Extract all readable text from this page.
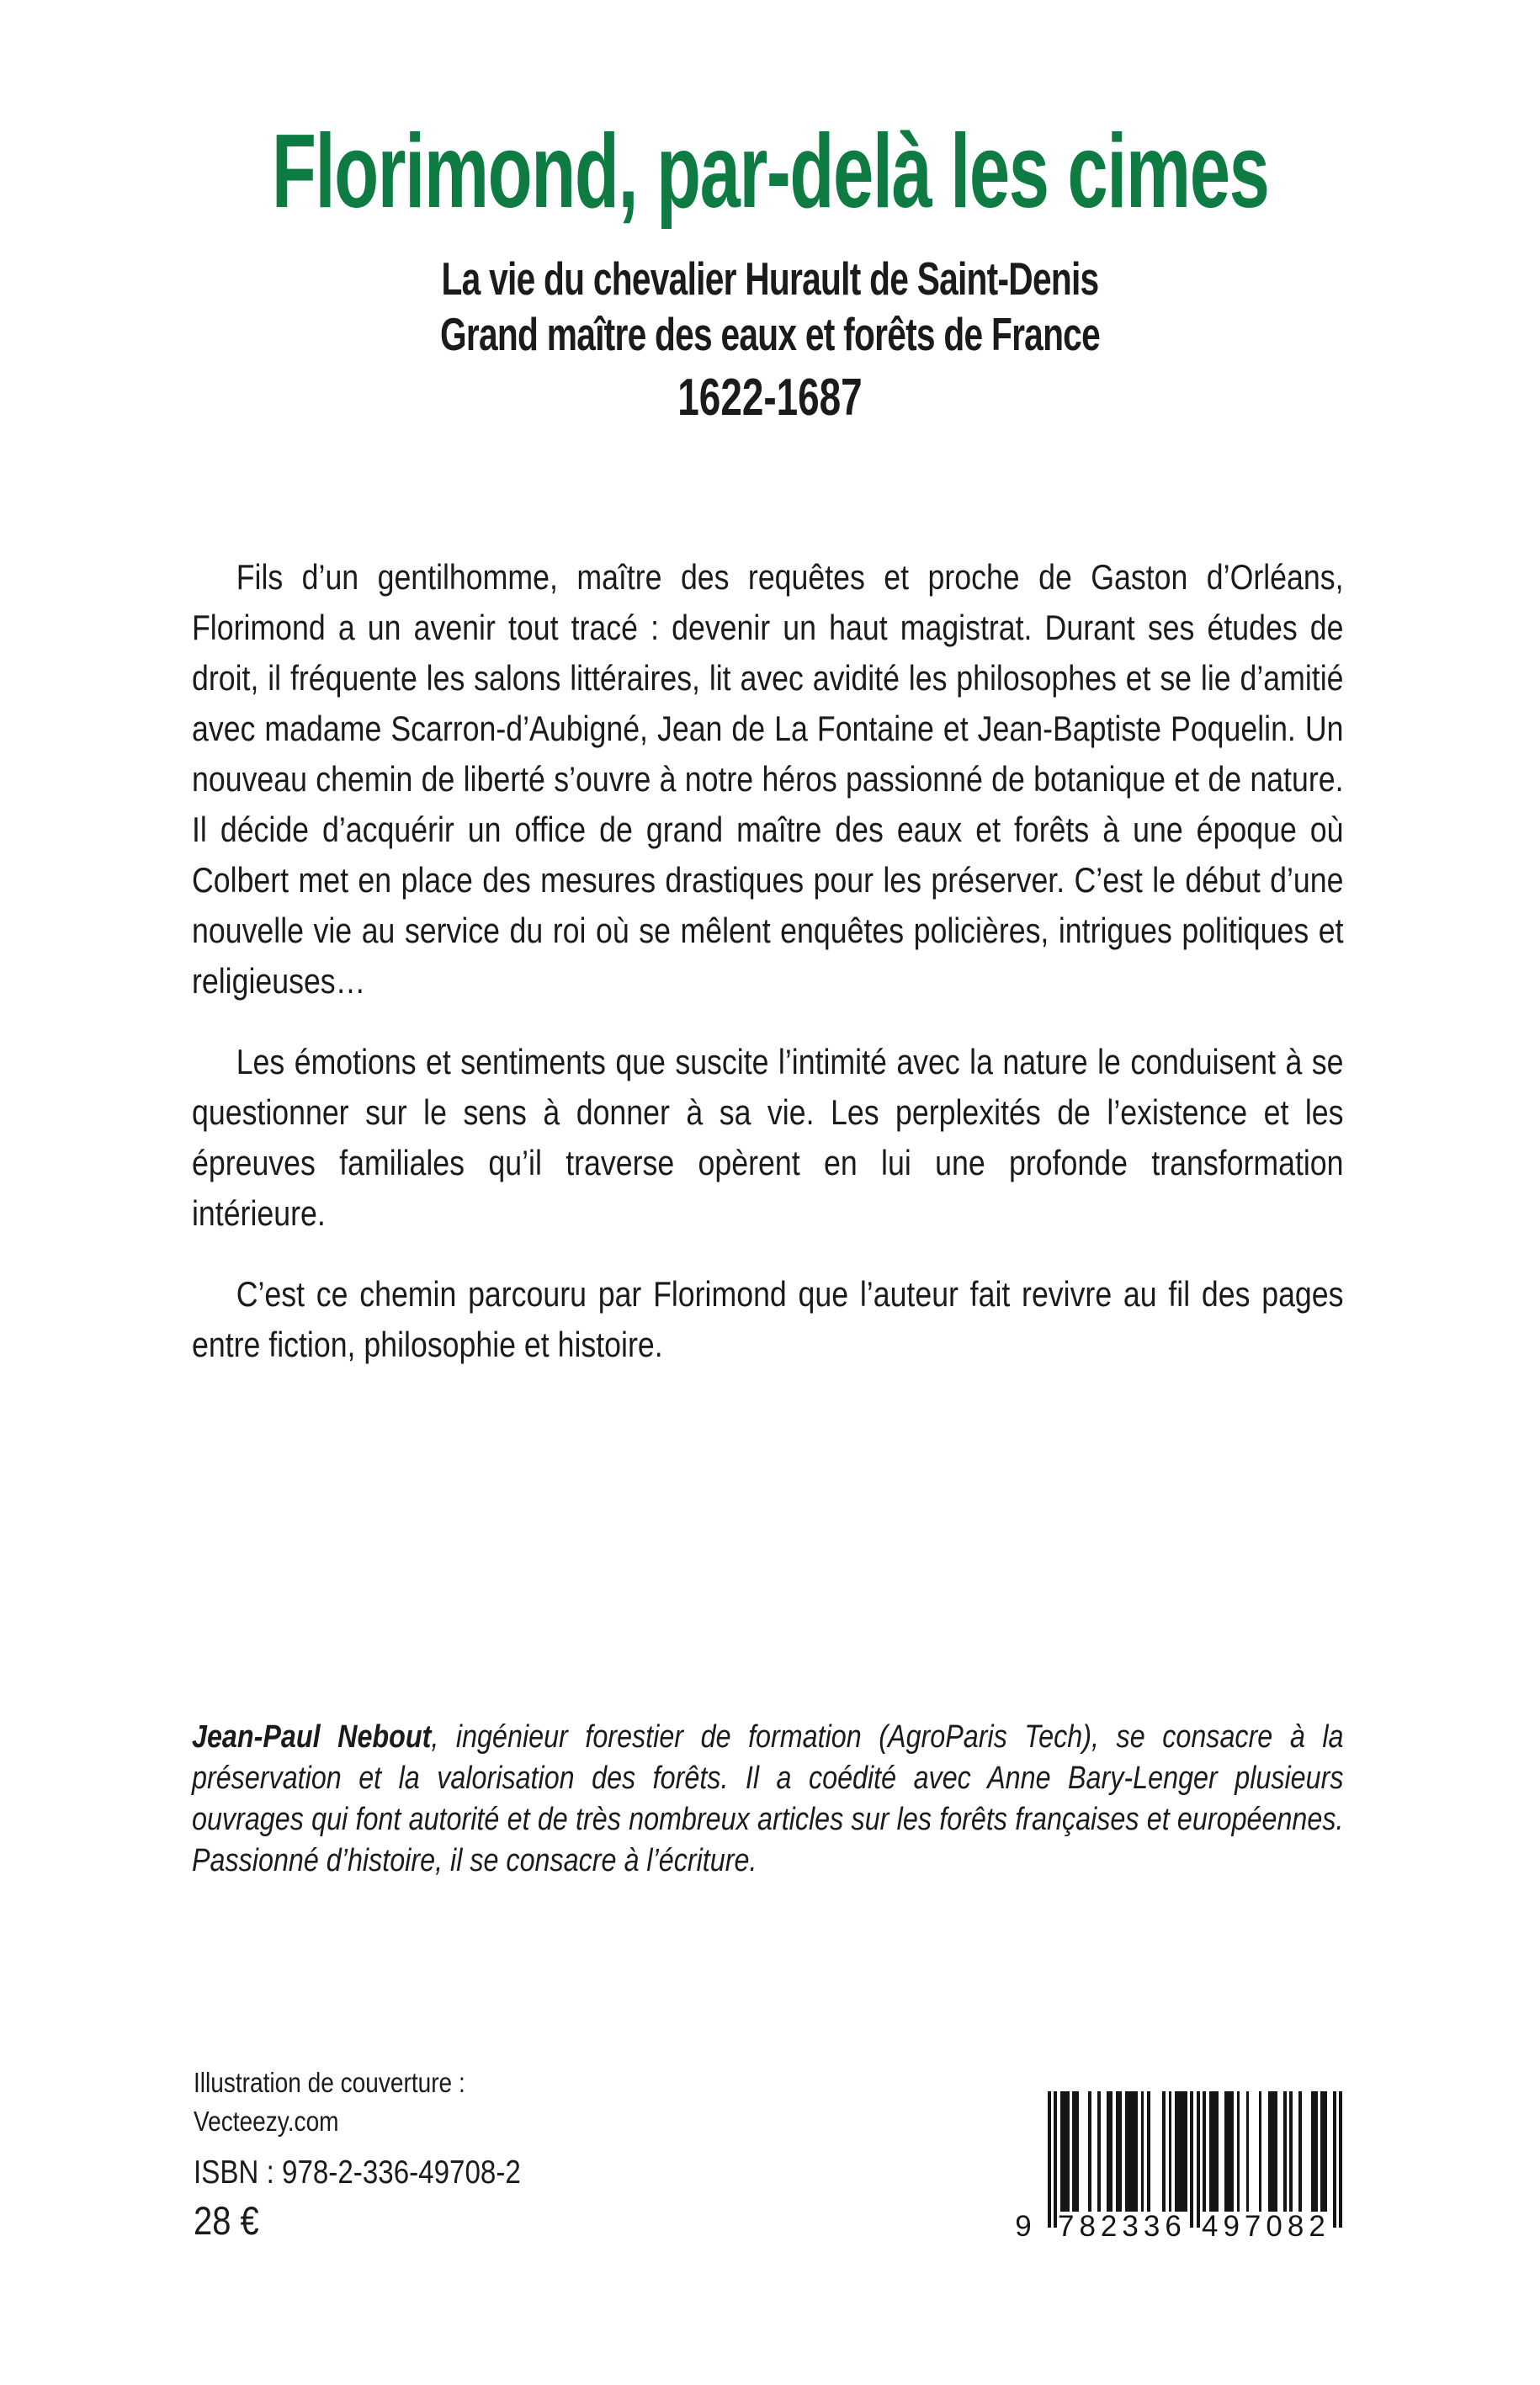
Florimond, par-delà les cimes
La vie du chevalier Hurault de Saint-Denis
Grand maître des eaux et forêts de France
1622-1687

Fils d’un gentilhomme, maître des requêtes et proche de Gaston d’Orléans, Florimond a un avenir tout tracé : devenir un haut magistrat. Durant ses études de droit, il fréquente les salons littéraires, lit avec avidité les philosophes et se lie d’amitié avec madame Scarron-d’Aubigné, Jean de La Fontaine et Jean-Baptiste Poquelin. Un nouveau chemin de liberté s’ouvre à notre héros passionné de botanique et de nature. Il décide d’acquérir un office de grand maître des eaux et forêts à une époque où Colbert met en place des mesures drastiques pour les préserver. C’est le début d’une nouvelle vie au service du roi où se mêlent enquêtes policières, intrigues politiques et religieuses…

Les émotions et sentiments que suscite l’intimité avec la nature le conduisent à se questionner sur le sens à donner à sa vie. Les perplexités de l’existence et les épreuves familiales qu’il traverse opèrent en lui une profonde transformation intérieure.

C’est ce chemin parcouru par Florimond que l’auteur fait revivre au fil des pages entre fiction, philosophie et histoire.

Jean-Paul Nebout, ingénieur forestier de formation (AgroParis Tech), se consacre à la préservation et la valorisation des forêts. Il a coédité avec Anne Bary-Lenger plusieurs ouvrages qui font autorité et de très nombreux articles sur les forêts françaises et européennes. Passionné d’histoire, il se consacre à l’écriture.

Illustration de couverture :
Vecteezy.com
ISBN : 978-2-336-49708-2
28 €	9 782336 497082
